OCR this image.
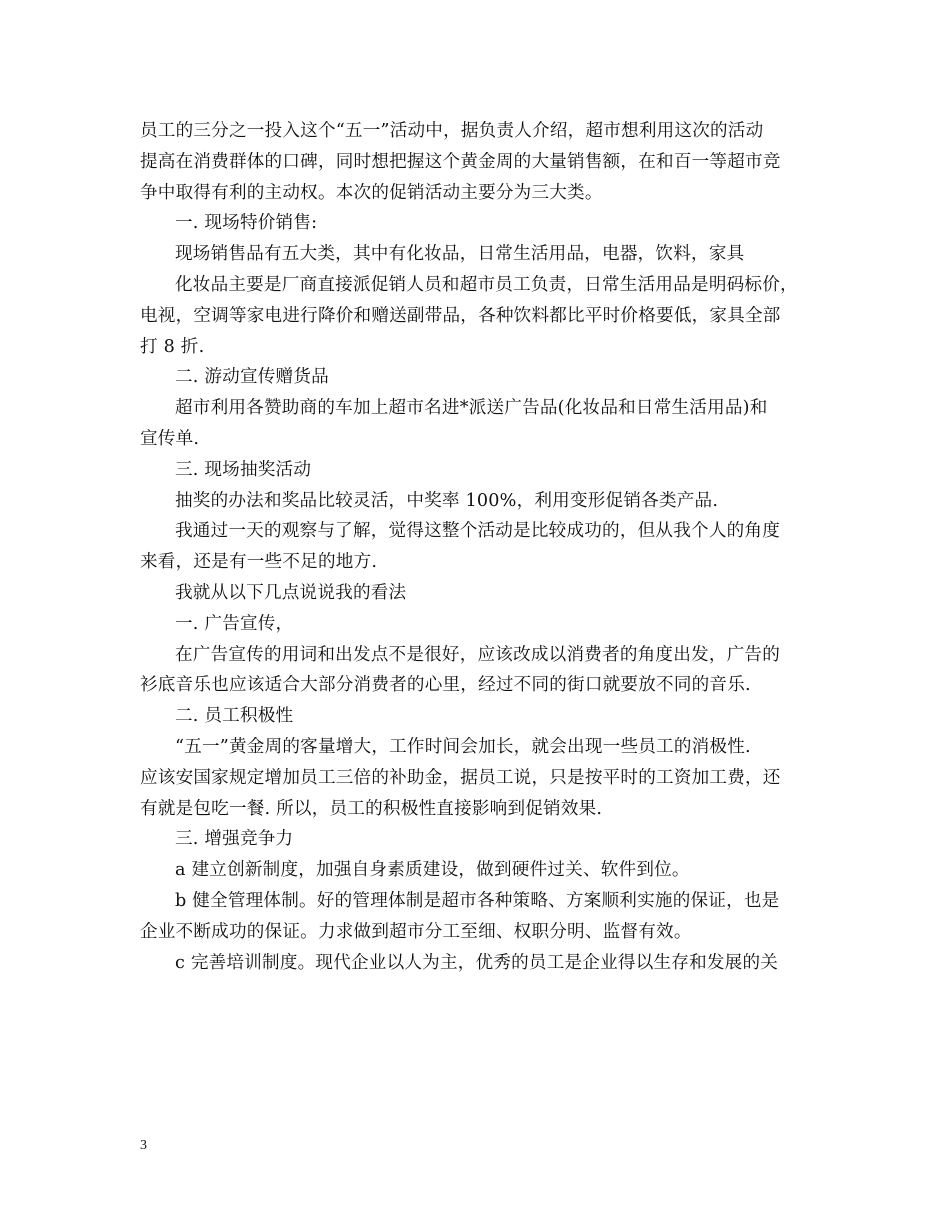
员工的三分之一投入这个“五一”活动中，据负责人介绍，超市想利用这次的活动
提高在消费群体的口碑，同时想把握这个黄金周的大量销售额，在和百一等超市竞
争中取得有利的主动权。本次的促销活动主要分为三大类。

一. 现场特价销售:

现场销售品有五大类，其中有化妆品，日常生活用品，电器，饮料，家具

化妆品主要是厂商直接派促销人员和超市员工负责，日常生活用品是明码标价，
电视，空调等家电进行降价和赠送副带品，各种饮料都比平时价格要低，家具全部
打 8 折.

二. 游动宣传赠货品

超市利用各赞助商的车加上超市名进*派送广告品(化妆品和日常生活用品)和
宣传单.

三. 现场抽奖活动

抽奖的办法和奖品比较灵活，中奖率 100%，利用变形促销各类产品.

我通过一天的观察与了解，觉得这整个活动是比较成功的，但从我个人的角度
来看，还是有一些不足的地方.

我就从以下几点说说我的看法

一. 广告宣传，

在广告宣传的用词和出发点不是很好，应该改成以消费者的角度出发，广告的
衫底音乐也应该适合大部分消费者的心里，经过不同的街口就要放不同的音乐.

二. 员工积极性

“五一”黄金周的客量增大，工作时间会加长，就会出现一些员工的消极性.
应该安国家规定增加员工三倍的补助金，据员工说，只是按平时的工资加工费，还
有就是包吃一餐. 所以，员工的积极性直接影响到促销效果.

三. 增强竞争力

a 建立创新制度，加强自身素质建设，做到硬件过关、软件到位。

b 健全管理体制。好的管理体制是超市各种策略、方案顺利实施的保证，也是
企业不断成功的保证。力求做到超市分工至细、权职分明、监督有效。

c 完善培训制度。现代企业以人为主，优秀的员工是企业得以生存和发展的关

3
